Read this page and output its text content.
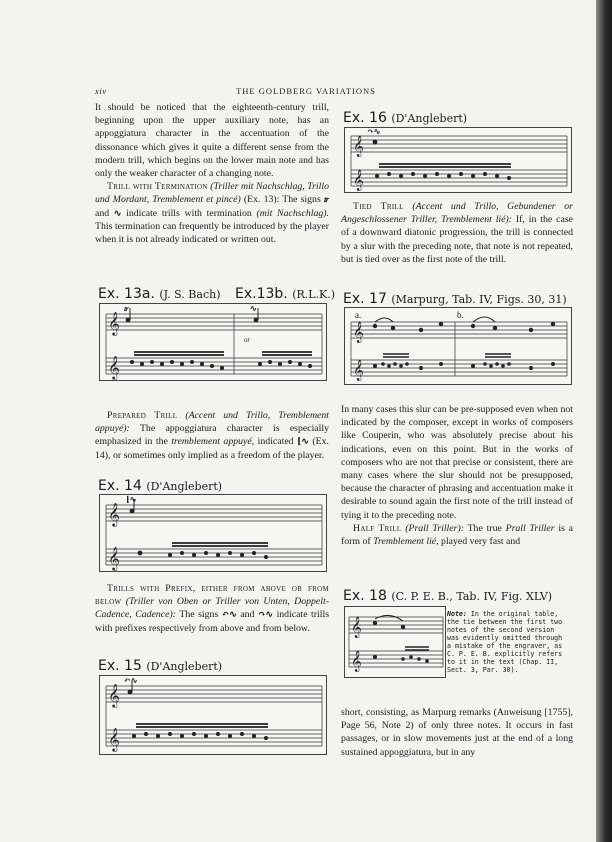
xiv	THE GOLDBERG VARIATIONS

It should be noticed that the eighteenth-century trill, beginning upon the upper auxiliary note, has an appoggiatura character in the accentuation of the dissonance which gives it quite a different sense from the modern trill, which begins on the lower main note and has only the weaker character of a changing note.

Trill with Termination (Triller mit Nachschlag, Trillo und Mordant, Tremblement et pincé) (Ex. 13): The signs 𝆖 and ∿ indicate trills with termination (mit Nachschlag). This termination can frequently be introduced by the player when it is not already indicated or written out.

Ex. 13a. (J. S. Bach) Ex.13b. (R.L.K.)
𝄞
𝄞
𝆖	∿
or

Prepared Trill (Accent und Trillo, Tremblement appuyé): The appoggiatura character is especially emphasized in the tremblement appuyé, indicated ⌊∿ (Ex. 14), or sometimes only implied as a freedom of the player.

Ex. 14 (D'Anglebert)
𝄞
𝄞
⌊∿

Trills with Prefix, either from above or from below (Triller von Oben or Triller von Unten, Doppelt-Cadence, Cadence): The signs ↶∿ and ↷∿ indicate trills with prefixes respectively from above and from below.

Ex. 15 (D'Anglebert)
𝄞
𝄞
↶∿
Ex. 16 (D'Anglebert)
𝄞
𝄞
↷∿

Tied Trill (Accent und Trillo, Gebundener or Angeschlossener Triller, Tremblement lié): If, in the case of a downward diatonic progression, the trill is connected by a slur with the preceding note, that note is not repeated, but is tied over as the first note of the trill.

Ex. 17 (Marpurg, Tab. IV, Figs. 30, 31)
a.	b.
𝄞
𝄞

In many cases this slur can be pre-supposed even when not indicated by the composer, except in works of composers like Couperin, who was absolutely precise about his indications, even on this point. But in the works of composers who are not that precise or consistent, there are many cases where the slur should not be presupposed, because the character of phrasing and accentuation make it desirable to sound again the first note of the trill instead of tying it to the preceding note.

Half Trill (Prall Triller): The true Prall Triller is a form of Tremblement lié, played very fast and

Ex. 18 (C. P. E. B., Tab. IV, Fig. XLV)
𝄞
𝄞
Note: In the original table, the tie between the first two notes of the second version was evidently omitted through a mistake of the engraver, as C. P. E. B. explicitly refers to it in the text (Chap. II, Sect. 3, Par. 30).

short, consisting, as Marpurg remarks (Anweisung [1755], Page 56, Note 2) of only three notes. It occurs in fast passages, or in slow movements just at the end of a long sustained appoggiatura, but in any
